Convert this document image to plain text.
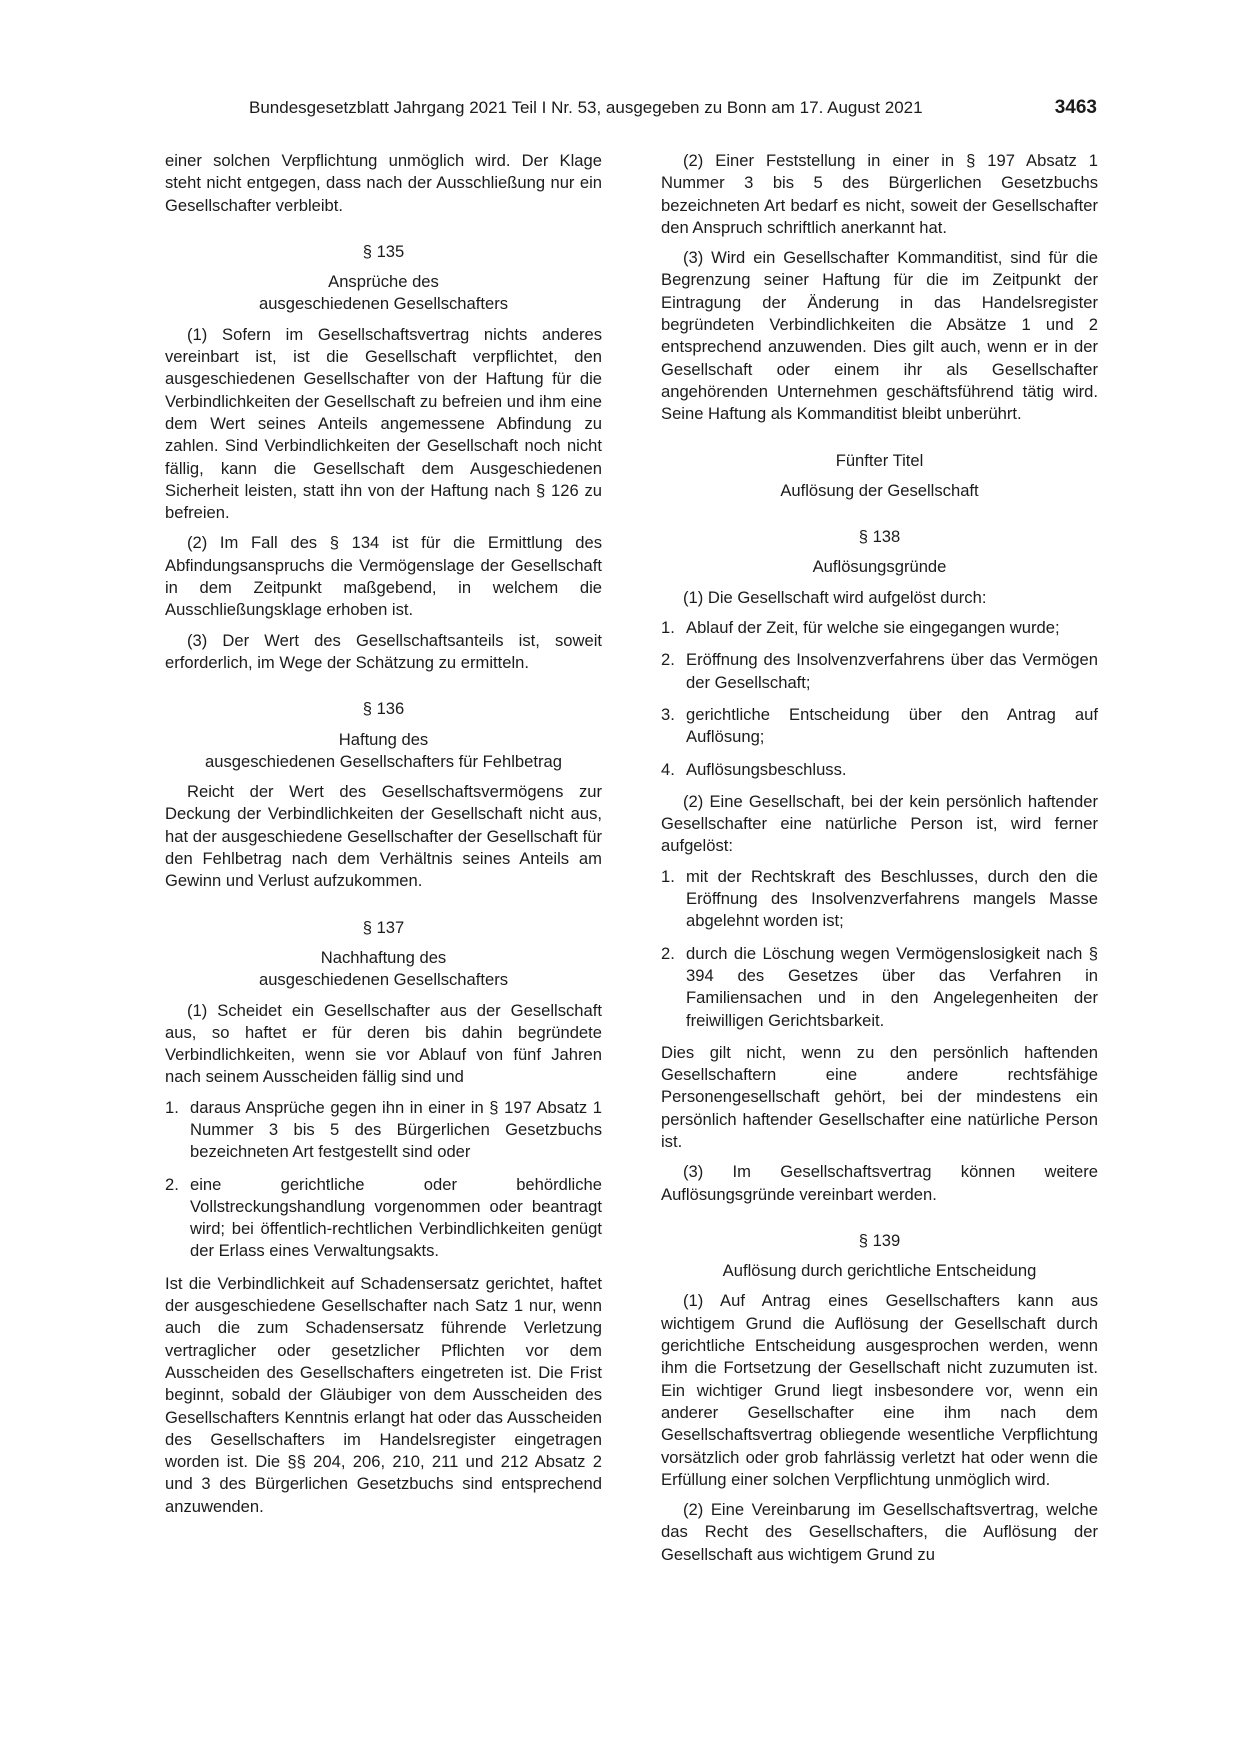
Bundesgesetzblatt Jahrgang 2021 Teil I Nr. 53, ausgegeben zu Bonn am 17. August 2021	3463

einer solchen Verpflichtung unmöglich wird. Der Klage steht nicht entgegen, dass nach der Ausschließung nur ein Gesellschafter verbleibt.

§ 135
Ansprüche des
ausgeschiedenen Gesellschafters

(1) Sofern im Gesellschaftsvertrag nichts anderes vereinbart ist, ist die Gesellschaft verpflichtet, den ausgeschiedenen Gesellschafter von der Haftung für die Verbindlichkeiten der Gesellschaft zu befreien und ihm eine dem Wert seines Anteils angemessene Abfindung zu zahlen. Sind Verbindlichkeiten der Gesellschaft noch nicht fällig, kann die Gesellschaft dem Ausgeschiedenen Sicherheit leisten, statt ihn von der Haftung nach § 126 zu befreien.

(2) Im Fall des § 134 ist für die Ermittlung des Abfindungsanspruchs die Vermögenslage der Gesellschaft in dem Zeitpunkt maßgebend, in welchem die Ausschließungsklage erhoben ist.

(3) Der Wert des Gesellschaftsanteils ist, soweit erforderlich, im Wege der Schätzung zu ermitteln.

§ 136
Haftung des
ausgeschiedenen Gesellschafters für Fehlbetrag

Reicht der Wert des Gesellschaftsvermögens zur Deckung der Verbindlichkeiten der Gesellschaft nicht aus, hat der ausgeschiedene Gesellschafter der Gesellschaft für den Fehlbetrag nach dem Verhältnis seines Anteils am Gewinn und Verlust aufzukommen.

§ 137
Nachhaftung des
ausgeschiedenen Gesellschafters

(1) Scheidet ein Gesellschafter aus der Gesellschaft aus, so haftet er für deren bis dahin begründete Verbindlichkeiten, wenn sie vor Ablauf von fünf Jahren nach seinem Ausscheiden fällig sind und

1. daraus Ansprüche gegen ihn in einer in § 197 Absatz 1 Nummer 3 bis 5 des Bürgerlichen Gesetzbuchs bezeichneten Art festgestellt sind oder
2. eine gerichtliche oder behördliche Vollstreckungshandlung vorgenommen oder beantragt wird; bei öffentlich-rechtlichen Verbindlichkeiten genügt der Erlass eines Verwaltungsakts.

Ist die Verbindlichkeit auf Schadensersatz gerichtet, haftet der ausgeschiedene Gesellschafter nach Satz 1 nur, wenn auch die zum Schadensersatz führende Verletzung vertraglicher oder gesetzlicher Pflichten vor dem Ausscheiden des Gesellschafters eingetreten ist. Die Frist beginnt, sobald der Gläubiger von dem Ausscheiden des Gesellschafters Kenntnis erlangt hat oder das Ausscheiden des Gesellschafters im Handelsregister eingetragen worden ist. Die §§ 204, 206, 210, 211 und 212 Absatz 2 und 3 des Bürgerlichen Gesetzbuchs sind entsprechend anzuwenden.

(2) Einer Feststellung in einer in § 197 Absatz 1 Nummer 3 bis 5 des Bürgerlichen Gesetzbuchs bezeichneten Art bedarf es nicht, soweit der Gesellschafter den Anspruch schriftlich anerkannt hat.

(3) Wird ein Gesellschafter Kommanditist, sind für die Begrenzung seiner Haftung für die im Zeitpunkt der Eintragung der Änderung in das Handelsregister begründeten Verbindlichkeiten die Absätze 1 und 2 entsprechend anzuwenden. Dies gilt auch, wenn er in der Gesellschaft oder einem ihr als Gesellschafter angehörenden Unternehmen geschäftsführend tätig wird. Seine Haftung als Kommanditist bleibt unberührt.

Fünfter Titel
Auflösung der Gesellschaft
§ 138
Auflösungsgründe

(1) Die Gesellschaft wird aufgelöst durch:

1. Ablauf der Zeit, für welche sie eingegangen wurde;
2. Eröffnung des Insolvenzverfahrens über das Vermögen der Gesellschaft;
3. gerichtliche Entscheidung über den Antrag auf Auflösung;
4. Auflösungsbeschluss.

(2) Eine Gesellschaft, bei der kein persönlich haftender Gesellschafter eine natürliche Person ist, wird ferner aufgelöst:

1. mit der Rechtskraft des Beschlusses, durch den die Eröffnung des Insolvenzverfahrens mangels Masse abgelehnt worden ist;
2. durch die Löschung wegen Vermögenslosigkeit nach § 394 des Gesetzes über das Verfahren in Familiensachen und in den Angelegenheiten der freiwilligen Gerichtsbarkeit.

Dies gilt nicht, wenn zu den persönlich haftenden Gesellschaftern eine andere rechtsfähige Personengesellschaft gehört, bei der mindestens ein persönlich haftender Gesellschafter eine natürliche Person ist.

(3) Im Gesellschaftsvertrag können weitere Auflösungsgründe vereinbart werden.

§ 139
Auflösung durch gerichtliche Entscheidung

(1) Auf Antrag eines Gesellschafters kann aus wichtigem Grund die Auflösung der Gesellschaft durch gerichtliche Entscheidung ausgesprochen werden, wenn ihm die Fortsetzung der Gesellschaft nicht zuzumuten ist. Ein wichtiger Grund liegt insbesondere vor, wenn ein anderer Gesellschafter eine ihm nach dem Gesellschaftsvertrag obliegende wesentliche Verpflichtung vorsätzlich oder grob fahrlässig verletzt hat oder wenn die Erfüllung einer solchen Verpflichtung unmöglich wird.

(2) Eine Vereinbarung im Gesellschaftsvertrag, welche das Recht des Gesellschafters, die Auflösung der Gesellschaft aus wichtigem Grund zu
